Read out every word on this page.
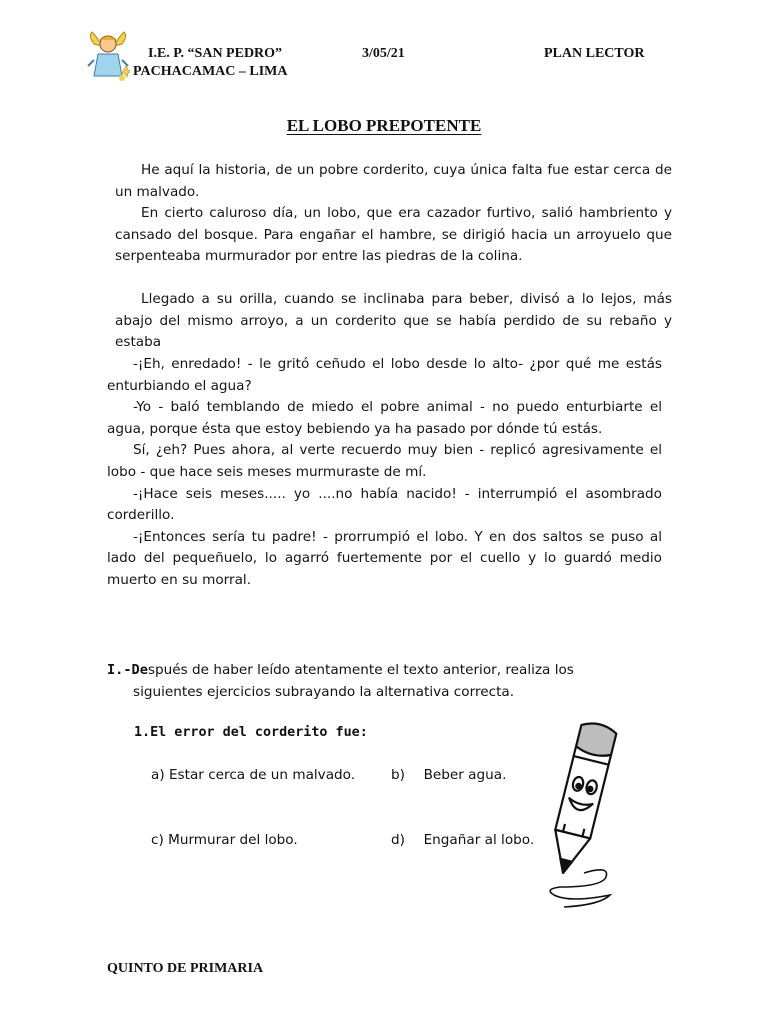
I.E. P. “SAN PEDRO”
PACHACAMAC – LIMA
3/05/21	PLAN LECTOR
EL LOBO PREPOTENTE

He aquí la historia, de un pobre corderito, cuya única falta fue estar cerca de un malvado.

En cierto caluroso día, un lobo, que era cazador furtivo, salió hambriento y cansado del bosque. Para engañar el hambre, se dirigió hacia un arroyuelo que serpenteaba murmurador por entre las piedras de la colina.

Llegado a su orilla, cuando se inclinaba para beber, divisó a lo lejos, más abajo del mismo arroyo, a un corderito que se había perdido de su rebaño y estaba

-¡Eh, enredado! - le gritó ceñudo el lobo desde lo alto- ¿por qué me estás enturbiando el agua?

-Yo - baló temblando de miedo el pobre animal - no puedo enturbiarte el agua, porque ésta que estoy bebiendo ya ha pasado por dónde tú estás.

Sí, ¿eh? Pues ahora, al verte recuerdo muy bien - replicó agresivamente el lobo - que hace seis meses murmuraste de mí.

-¡Hace seis meses..... yo ....no había nacido! - interrumpió el asombrado corderillo.

-¡Entonces sería tu padre! - prorrumpió el lobo. Y en dos saltos se puso al lado del pequeñuelo, lo agarró fuertemente por el cuello y lo guardó medio muerto en su morral.

I.-Después de haber leído atentamente el texto anterior, realiza los
siguientes ejercicios subrayando la alternativa correcta.
1.El error del corderito fue:
a) Estar cerca de un malvado.	b) Beber agua.
c) Murmurar del lobo.	d) Engañar al lobo.
QUINTO DE PRIMARIA
